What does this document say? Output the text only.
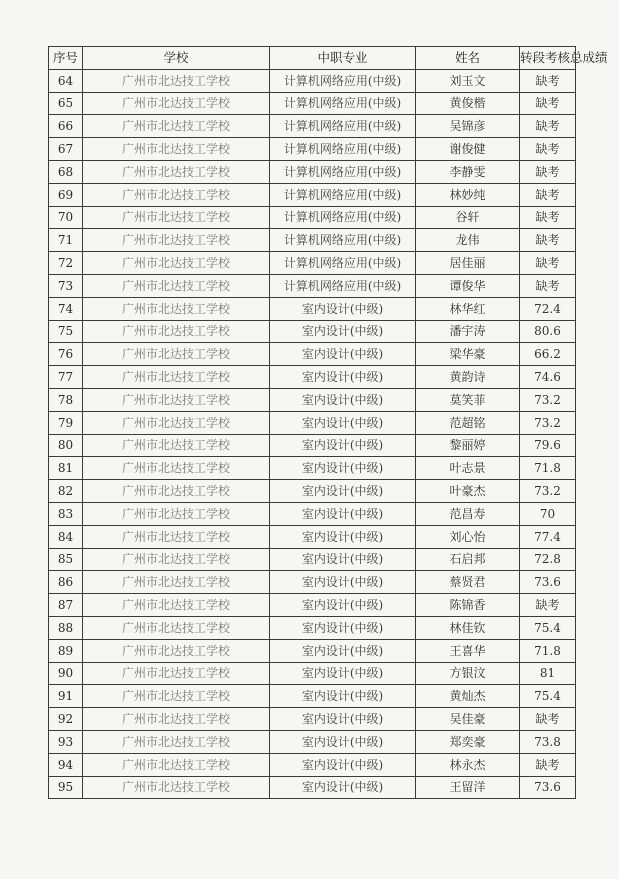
序号	学校	中职专业	姓名	转段考核总成绩
64	广州市北达技工学校	计算机网络应用(中级)	刘玉文	缺考
65	广州市北达技工学校	计算机网络应用(中级)	黄俊楷	缺考
66	广州市北达技工学校	计算机网络应用(中级)	吴锦彦	缺考
67	广州市北达技工学校	计算机网络应用(中级)	谢俊健	缺考
68	广州市北达技工学校	计算机网络应用(中级)	李静雯	缺考
69	广州市北达技工学校	计算机网络应用(中级)	林妙纯	缺考
70	广州市北达技工学校	计算机网络应用(中级)	谷轩	缺考
71	广州市北达技工学校	计算机网络应用(中级)	龙伟	缺考
72	广州市北达技工学校	计算机网络应用(中级)	居佳丽	缺考
73	广州市北达技工学校	计算机网络应用(中级)	谭俊华	缺考
74	广州市北达技工学校	室内设计(中级)	林华红	72.4
75	广州市北达技工学校	室内设计(中级)	潘宇涛	80.6
76	广州市北达技工学校	室内设计(中级)	梁华豪	66.2
77	广州市北达技工学校	室内设计(中级)	黄韵诗	74.6
78	广州市北达技工学校	室内设计(中级)	莫笑菲	73.2
79	广州市北达技工学校	室内设计(中级)	范超铭	73.2
80	广州市北达技工学校	室内设计(中级)	黎丽婷	79.6
81	广州市北达技工学校	室内设计(中级)	叶志景	71.8
82	广州市北达技工学校	室内设计(中级)	叶豪杰	73.2
83	广州市北达技工学校	室内设计(中级)	范昌寿	70
84	广州市北达技工学校	室内设计(中级)	刘心怡	77.4
85	广州市北达技工学校	室内设计(中级)	石启邦	72.8
86	广州市北达技工学校	室内设计(中级)	蔡贤君	73.6
87	广州市北达技工学校	室内设计(中级)	陈锦香	缺考
88	广州市北达技工学校	室内设计(中级)	林佳钦	75.4
89	广州市北达技工学校	室内设计(中级)	王喜华	71.8
90	广州市北达技工学校	室内设计(中级)	方银汶	81
91	广州市北达技工学校	室内设计(中级)	黄灿杰	75.4
92	广州市北达技工学校	室内设计(中级)	吴佳豪	缺考
93	广州市北达技工学校	室内设计(中级)	郑奕豪	73.8
94	广州市北达技工学校	室内设计(中级)	林永杰	缺考
95	广州市北达技工学校	室内设计(中级)	王留洋	73.6
